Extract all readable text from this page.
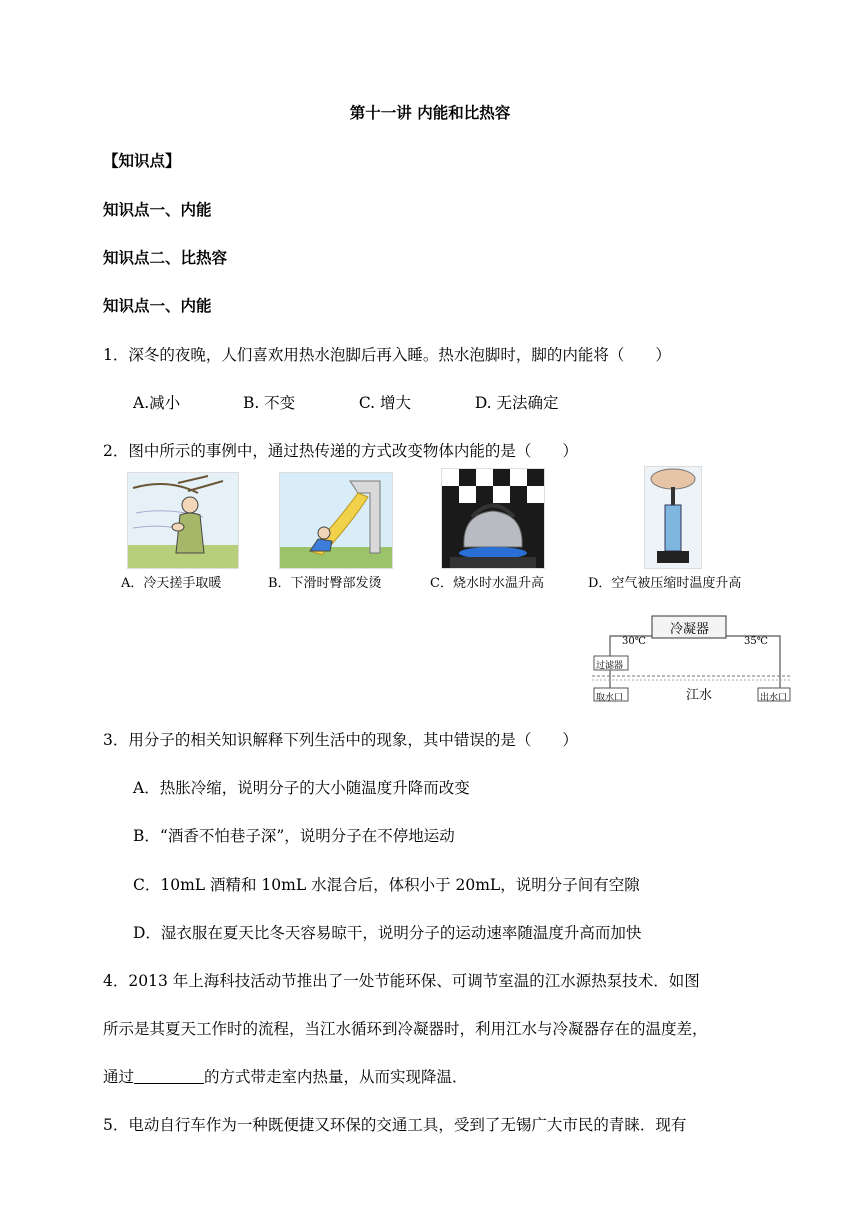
第十一讲 内能和比热容
【知识点】
知识点一、内能
知识点二、比热容
知识点一、内能
1．深冬的夜晚，人们喜欢用热水泡脚后再入睡。热水泡脚时，脚的内能将（　　）
A.减小	B. 不变	C. 增大	D. 无法确定
2．图中所示的事例中，通过热传递的方式改变物体内能的是（　　）
A．冷天搓手取暖	B．下滑时臀部发烫	C．烧水时水温升高	D．空气被压缩时温度升高
冷凝器
30℃	35℃
过滤器
取水口	江水	出水口
3．用分子的相关知识解释下列生活中的现象，其中错误的是（　　）
A．热胀冷缩，说明分子的大小随温度升降而改变
B．“酒香不怕巷子深”，说明分子在不停地运动
C．10mL 酒精和 10mL 水混合后，体积小于 20mL，说明分子间有空隙
D．湿衣服在夏天比冬天容易晾干，说明分子的运动速率随温度升高而加快
4．2013 年上海科技活动节推出了一处节能环保、可调节室温的江水源热泵技术．如图
所示是其夏天工作时的流程，当江水循环到冷凝器时，利用江水与冷凝器存在的温度差，
通过	的方式带走室内热量，从而实现降温．
5．电动自行车作为一种既便捷又环保的交通工具，受到了无锡广大市民的青睐．现有
